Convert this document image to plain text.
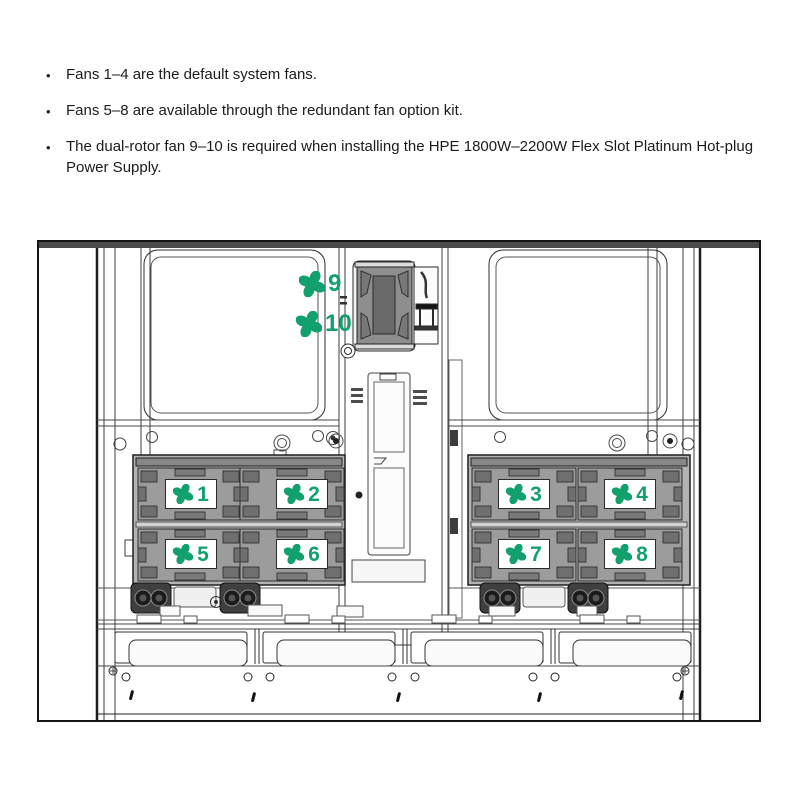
•	Fans 1–4 are the default system fans.
•	Fans 5–8 are available through the redundant fan option kit.
•	The dual-rotor fan 9–10 is required when installing the HPE 1800W–2200W Flex Slot Platinum Hot-plug Power Supply.
1	2	3	4
5	6	7	8
9
10
